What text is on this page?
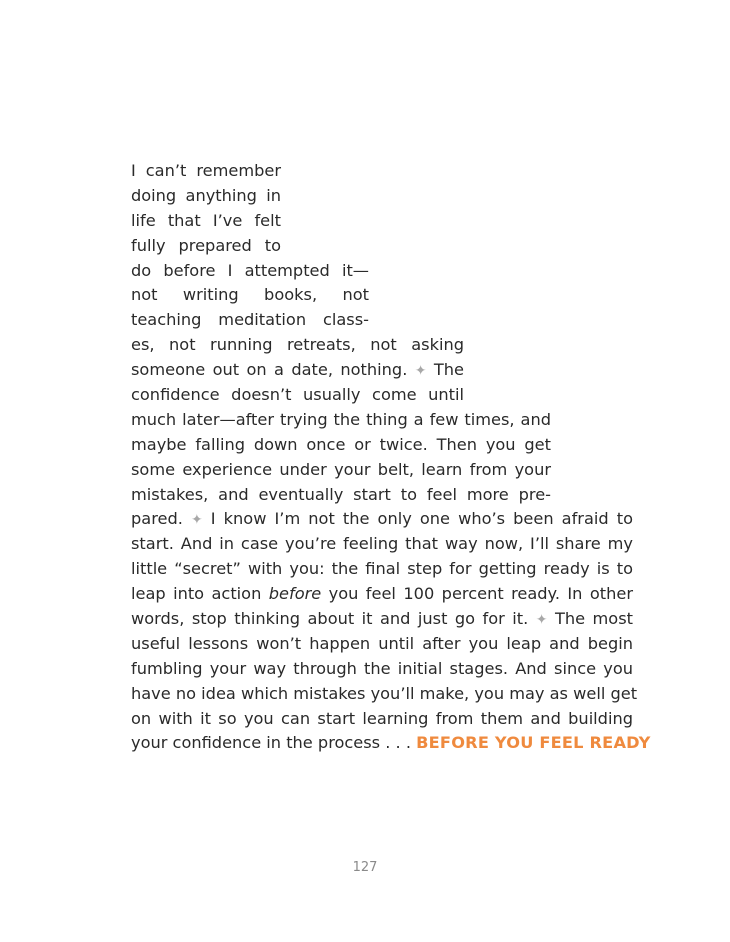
I can’t remember
doing anything in
life that I’ve felt
fully prepared to
do before I attempted it—
not writing books, not
teaching meditation class-
es, not running retreats, not asking
someone out on a date, nothing. ✦ The
confidence doesn’t usually come until
much later—after trying the thing a few times, and
maybe falling down once or twice. Then you get
some experience under your belt, learn from your
mistakes, and eventually start to feel more pre-
pared. ✦ I know I’m not the only one who’s been afraid to
start. And in case you’re feeling that way now, I’ll share my
little “secret” with you: the final step for getting ready is to
leap into action before you feel 100 percent ready. In other
words, stop thinking about it and just go for it. ✦ The most
useful lessons won’t happen until after you leap and begin
fumbling your way through the initial stages. And since you
have no idea which mistakes you’ll make, you may as well get
on with it so you can start learning from them and building
your confidence in the process . . . BEFORE YOU FEEL READY
127
